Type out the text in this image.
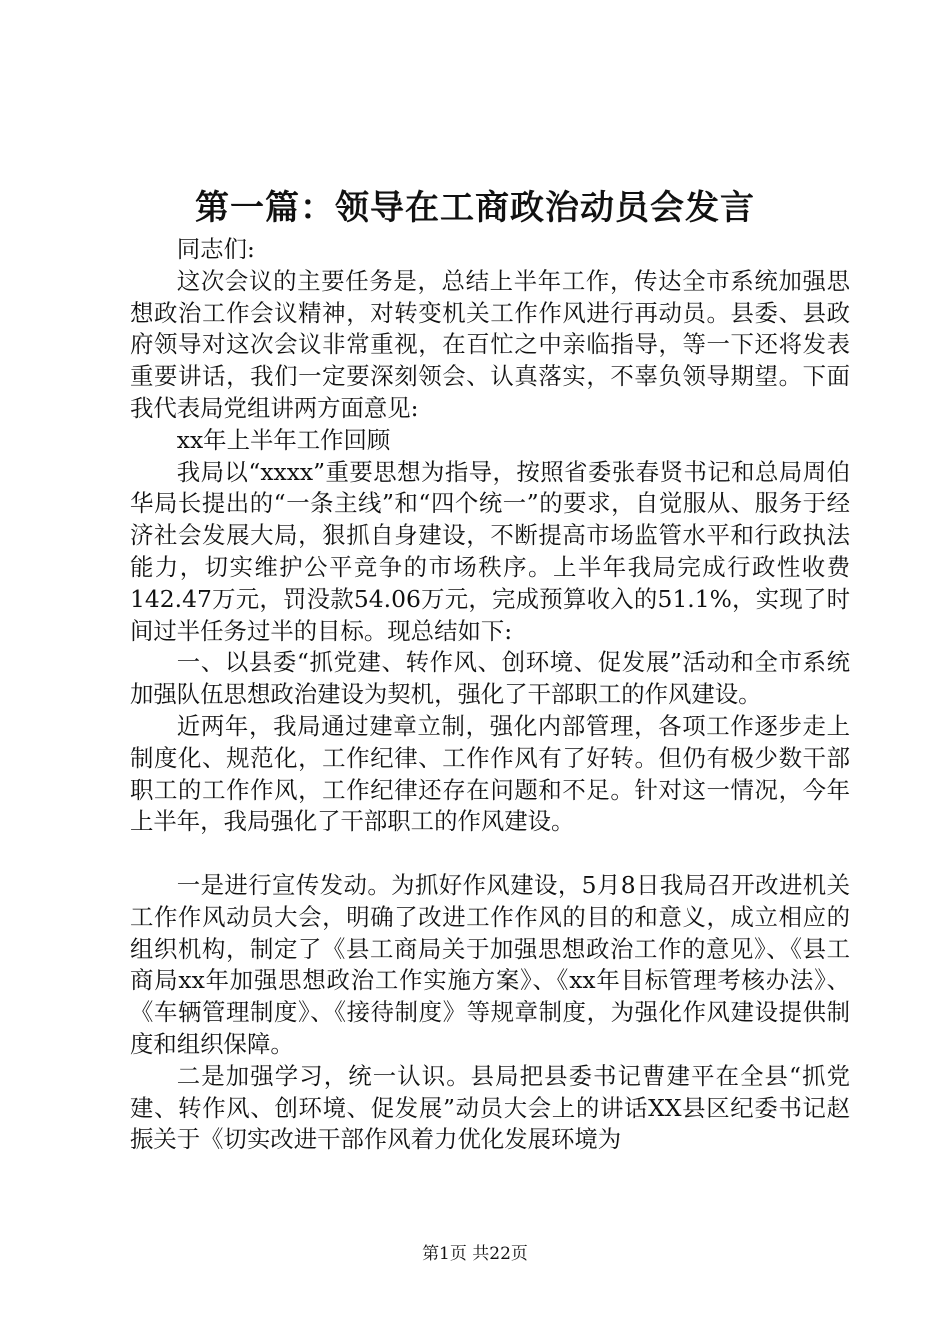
第一篇：领导在工商政治动员会发言

同志们:

这次会议的主要任务是，总结上半年工作，传达全市系统加强思想政治工作会议精神，对转变机关工作作风进行再动员。县委、县政府领导对这次会议非常重视，在百忙之中亲临指导，等一下还将发表重要讲话，我们一定要深刻领会、认真落实，不辜负领导期望。下面我代表局党组讲两方面意见:

xx年上半年工作回顾

我局以“xxxx”重要思想为指导，按照省委张春贤书记和总局周伯华局长提出的“一条主线”和“四个统一”的要求，自觉服从、服务于经济社会发展大局，狠抓自身建设，不断提高市场监管水平和行政执法能力，切实维护公平竞争的市场秩序。上半年我局完成行政性收费142.47万元，罚没款54.06万元，完成预算收入的51.1%，实现了时间过半任务过半的目标。现总结如下:

一、以县委“抓党建、转作风、创环境、促发展”活动和全市系统加强队伍思想政治建设为契机，强化了干部职工的作风建设。

近两年，我局通过建章立制，强化内部管理，各项工作逐步走上制度化、规范化，工作纪律、工作作风有了好转。但仍有极少数干部职工的工作作风，工作纪律还存在问题和不足。针对这一情况，今年上半年，我局强化了干部职工的作风建设。

一是进行宣传发动。为抓好作风建设，5月8日我局召开改进机关工作作风动员大会，明确了改进工作作风的目的和意义，成立相应的组织机构，制定了《县工商局关于加强思想政治工作的意见》、《县工商局xx年加强思想政治工作实施方案》、《xx年目标管理考核办法》、《车辆管理制度》、《接待制度》等规章制度，为强化作风建设提供制度和组织保障。

二是加强学习，统一认识。县局把县委书记曹建平在全县“抓党建、转作风、创环境、促发展”动员大会上的讲话XX县区纪委书记赵振关于《切实改进干部作风着力优化发展环境为

第1页 共22页
